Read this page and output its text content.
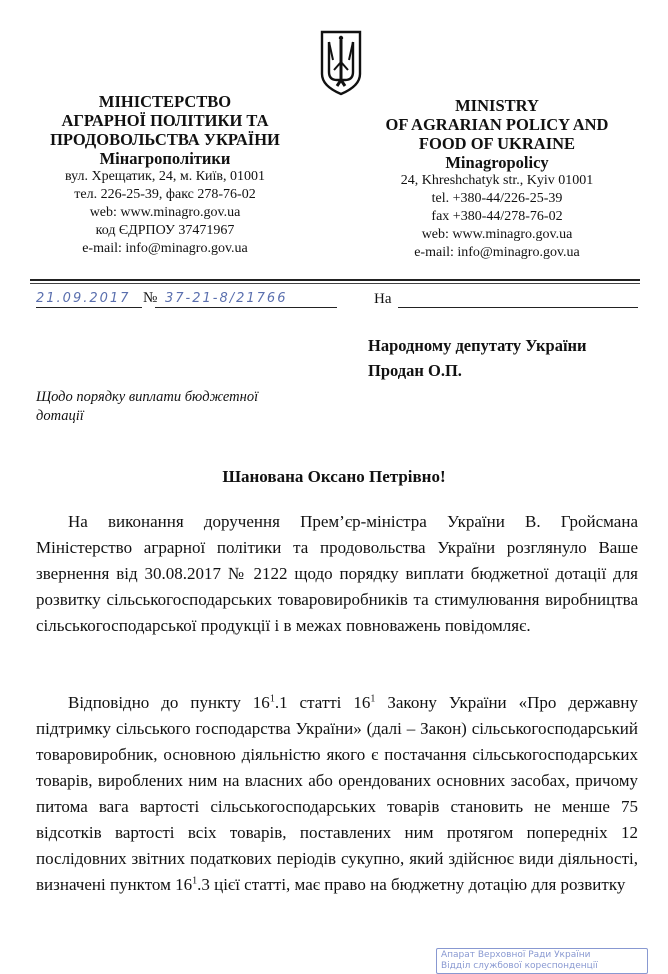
МІНІСТЕРСТВО
АГРАРНОЇ ПОЛІТИКИ ТА
ПРОДОВОЛЬСТВА УКРАЇНИ
Мінагрополітики
вул. Хрещатик, 24, м. Київ, 01001
тел. 226-25-39, факс 278-76-02
web: www.minagro.gov.ua
код ЄДРПОУ 37471967
e-mail: info@minagro.gov.ua
MINISTRY
OF AGRARIAN POLICY AND
FOOD OF UKRAINE
Minagropolicy
24, Khreshchatyk str., Kyiv 01001
tel. +380-44/226-25-39
fax +380-44/278-76-02
web: www.minagro.gov.ua
e-mail: info@minagro.gov.ua
21.09.2017 № 37-21-8/21766	На
Народному депутату України
Продан О.П.
Щодо порядку виплати бюджетної
дотації
Шанована Оксано Петрівно!
На виконання доручення Прем’єр-міністра України В. Гройсмана Міністерство аграрної політики та продовольства України розглянуло Ваше звернення від 30.08.2017 № 2122 щодо порядку виплати бюджетної дотації для розвитку сільськогосподарських товаровиробників та стимулювання виробництва сільськогосподарської продукції і в межах повноважень повідомляє.
Відповідно до пункту $16^1.1$ статті $16^1$ Закону України «Про державну підтримку сільського господарства України» (далі – Закон) сільськогосподарський товаровиробник, основною діяльністю якого є постачання сільськогосподарських товарів, вироблених ним на власних або орендованих основних засобах, причому питома вага вартості сільськогосподарських товарів становить не менше 75 відсотків вартості всіх товарів, поставлених ним протягом попередніх 12 послідовних звітних податкових періодів сукупно, який здійснює види діяльності, визначені пунктом $16^1.3$ цієї статті, має право на бюджетну дотацію для розвитку
Апарат Верховної Ради України
Відділ службової кореспонденції
